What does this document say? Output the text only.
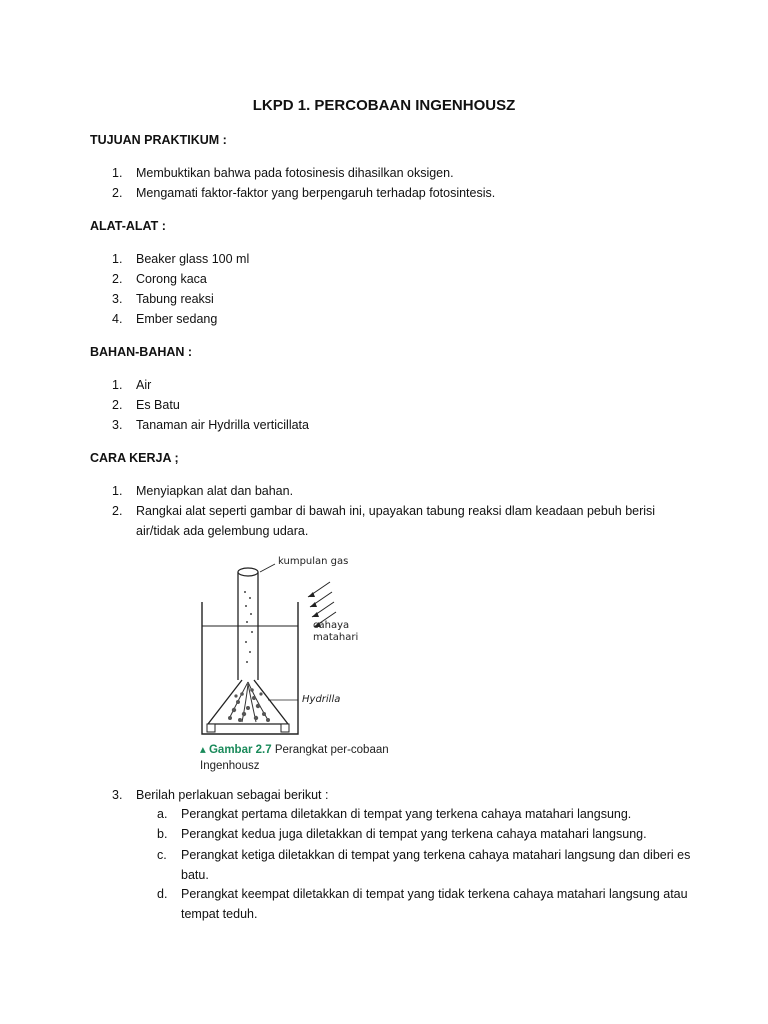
LKPD 1. PERCOBAAN INGENHOUSZ
TUJUAN PRAKTIKUM :
1. Membuktikan bahwa pada fotosinesis dihasilkan oksigen.
2. Mengamati faktor-faktor yang berpengaruh terhadap fotosintesis.
ALAT-ALAT :
1. Beaker glass 100 ml
2. Corong kaca
3. Tabung reaksi
4. Ember sedang
BAHAN-BAHAN :
1. Air
2. Es Batu
3. Tanaman air Hydrilla verticillata
CARA KERJA ;
1. Menyiapkan alat dan bahan.
2. Rangkai alat seperti gambar di bawah ini, upayakan tabung reaksi dlam keadaan pebuh berisi air/tidak ada gelembung udara.
kumpulan gas
cahaya
matahari
Hydrilla
▴ Gambar 2.7 Perangkat per-cobaan Ingenhousz
3. Berilah perlakuan sebagai berikut :
a. Perangkat pertama diletakkan di tempat yang terkena cahaya matahari langsung.
b. Perangkat kedua juga diletakkan di tempat yang terkena cahaya matahari langsung.
c. Perangkat ketiga diletakkan di tempat yang terkena cahaya matahari langsung dan diberi es batu.
d. Perangkat keempat diletakkan di tempat yang tidak terkena cahaya matahari langsung atau tempat teduh.
